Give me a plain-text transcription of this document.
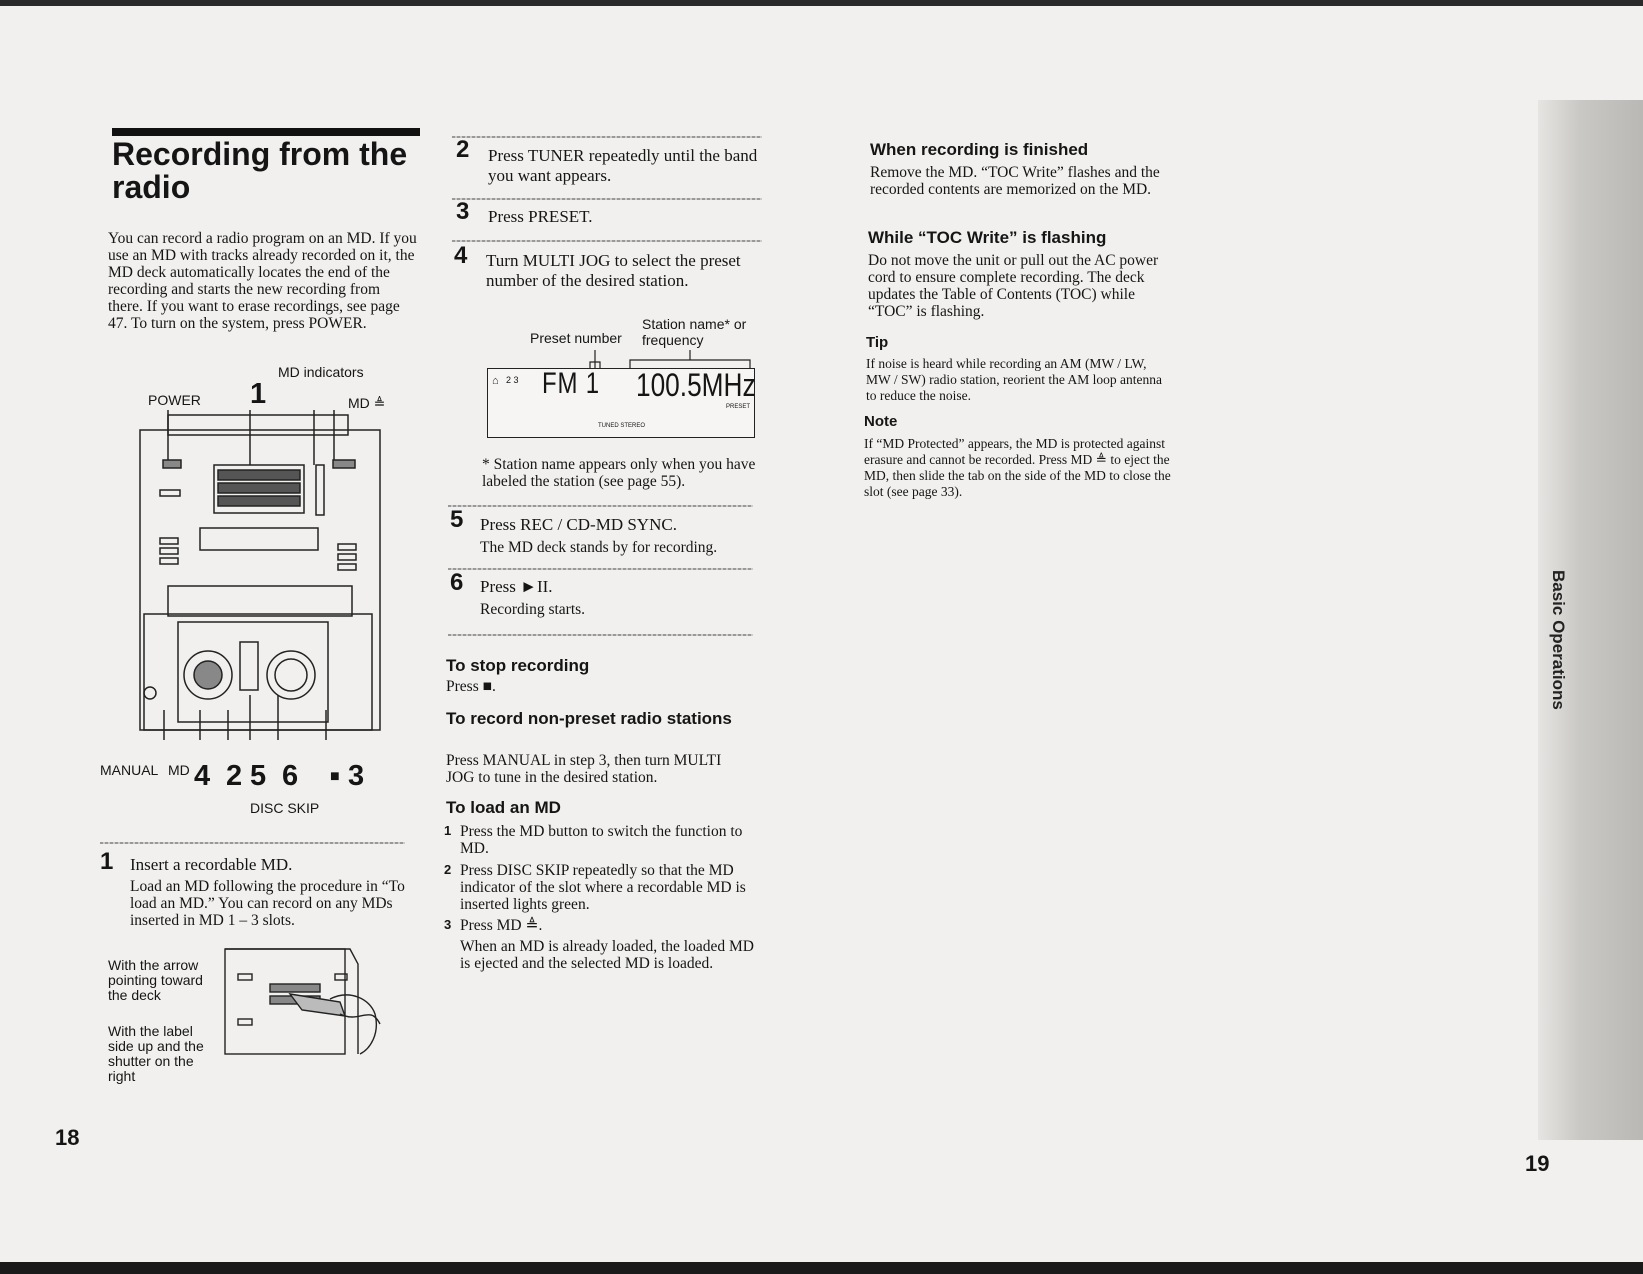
Basic Operations
Recording from the radio
You can record a radio program on an MD. If you use an MD with tracks already recorded on it, the MD deck automatically locates the end of the recording and starts the new recording from there. If you want to erase recordings, see page 47. To turn on the system, press POWER.
MD indicators
POWER 1	MD ≜
MANUAL MD 4 2 5 6 ■ 3
DISC SKIP
1 Insert a recordable MD.
Load an MD following the procedure in “To load an MD.” You can record on any MDs inserted in MD 1 – 3 slots.
With the arrow pointing toward the deck
With the label side up and the shutter on the right
18
2 Press TUNER repeatedly until the band you want appears.
3 Press PRESET.
4 Turn MULTI JOG to select the preset number of the desired station.
Preset number
Station name* or frequency
2 3
⌂ FM 1 100.5MHz
PRESET
TUNED STEREO
* Station name appears only when you have labeled the station (see page 55).
5 Press REC / CD-MD SYNC.
The MD deck stands by for recording.
6 Press ►II.
Recording starts.
To stop recording
Press ■.
To record non-preset radio stations
Press MANUAL in step 3, then turn MULTI JOG to tune in the desired station.
To load an MD
1 Press the MD button to switch the function to MD.
2 Press DISC SKIP repeatedly so that the MD indicator of the slot where a recordable MD is inserted lights green.
3 Press MD ≜.
When an MD is already loaded, the loaded MD is ejected and the selected MD is loaded.
When recording is finished
Remove the MD. “TOC Write” flashes and the recorded contents are memorized on the MD.
While “TOC Write” is flashing
Do not move the unit or pull out the AC power cord to ensure complete recording. The deck updates the Table of Contents (TOC) while “TOC” is flashing.
Tip
If noise is heard while recording an AM (MW / LW, MW / SW) radio station, reorient the AM loop antenna to reduce the noise.
Note
If “MD Protected” appears, the MD is protected against erasure and cannot be recorded. Press MD ≜ to eject the MD, then slide the tab on the side of the MD to close the slot (see page 33).
19
